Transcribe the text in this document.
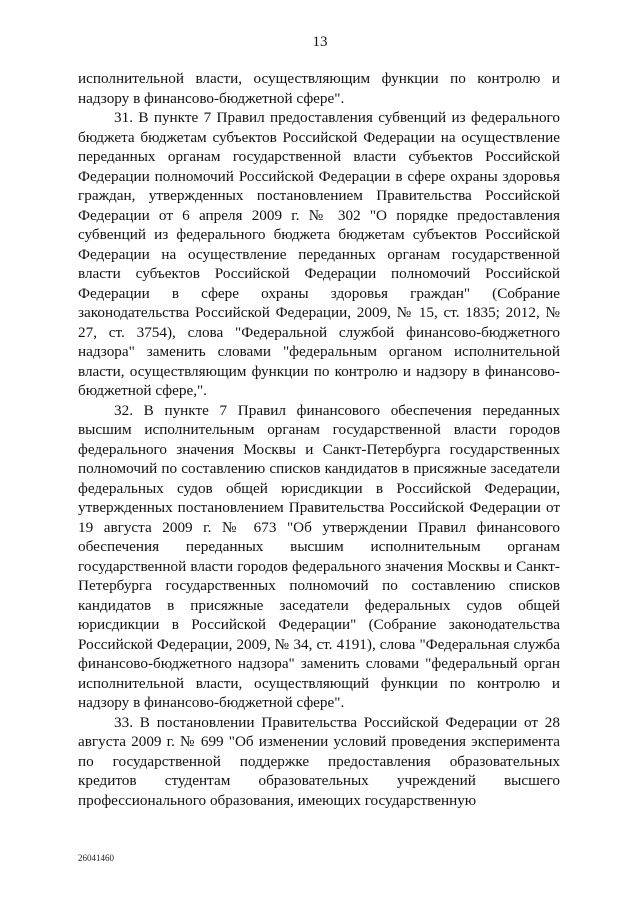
13

исполнительной власти, осуществляющим функции по контролю и надзору в финансово-бюджетной сфере".

31. В пункте 7 Правил предоставления субвенций из федерального бюджета бюджетам субъектов Российской Федерации на осуществление переданных органам государственной власти субъектов Российской Федерации полномочий Российской Федерации в сфере охраны здоровья граждан, утвержденных постановлением Правительства Российской Федерации от 6 апреля 2009 г. № 302 "О порядке предоставления субвенций из федерального бюджета бюджетам субъектов Российской Федерации на осуществление переданных органам государственной власти субъектов Российской Федерации полномочий Российской Федерации в сфере охраны здоровья граждан" (Собрание законодательства Российской Федерации, 2009, № 15, ст. 1835; 2012, № 27, ст. 3754), слова "Федеральной службой финансово-бюджетного надзора" заменить словами "федеральным органом исполнительной власти, осуществляющим функции по контролю и надзору в финансово-бюджетной сфере,".

32. В пункте 7 Правил финансового обеспечения переданных высшим исполнительным органам государственной власти городов федерального значения Москвы и Санкт-Петербурга государственных полномочий по составлению списков кандидатов в присяжные заседатели федеральных судов общей юрисдикции в Российской Федерации, утвержденных постановлением Правительства Российской Федерации от 19 августа 2009 г. № 673 "Об утверждении Правил финансового обеспечения переданных высшим исполнительным органам государственной власти городов федерального значения Москвы и Санкт-Петербурга государственных полномочий по составлению списков кандидатов в присяжные заседатели федеральных судов общей юрисдикции в Российской Федерации" (Собрание законодательства Российской Федерации, 2009, № 34, ст. 4191), слова "Федеральная служба финансово-бюджетного надзора" заменить словами "федеральный орган исполнительной власти, осуществляющий функции по контролю и надзору в финансово-бюджетной сфере".

33. В постановлении Правительства Российской Федерации от 28 августа 2009 г. № 699 "Об изменении условий проведения эксперимента по государственной поддержке предоставления образовательных кредитов студентам образовательных учреждений высшего профессионального образования, имеющих государственную

26041460
